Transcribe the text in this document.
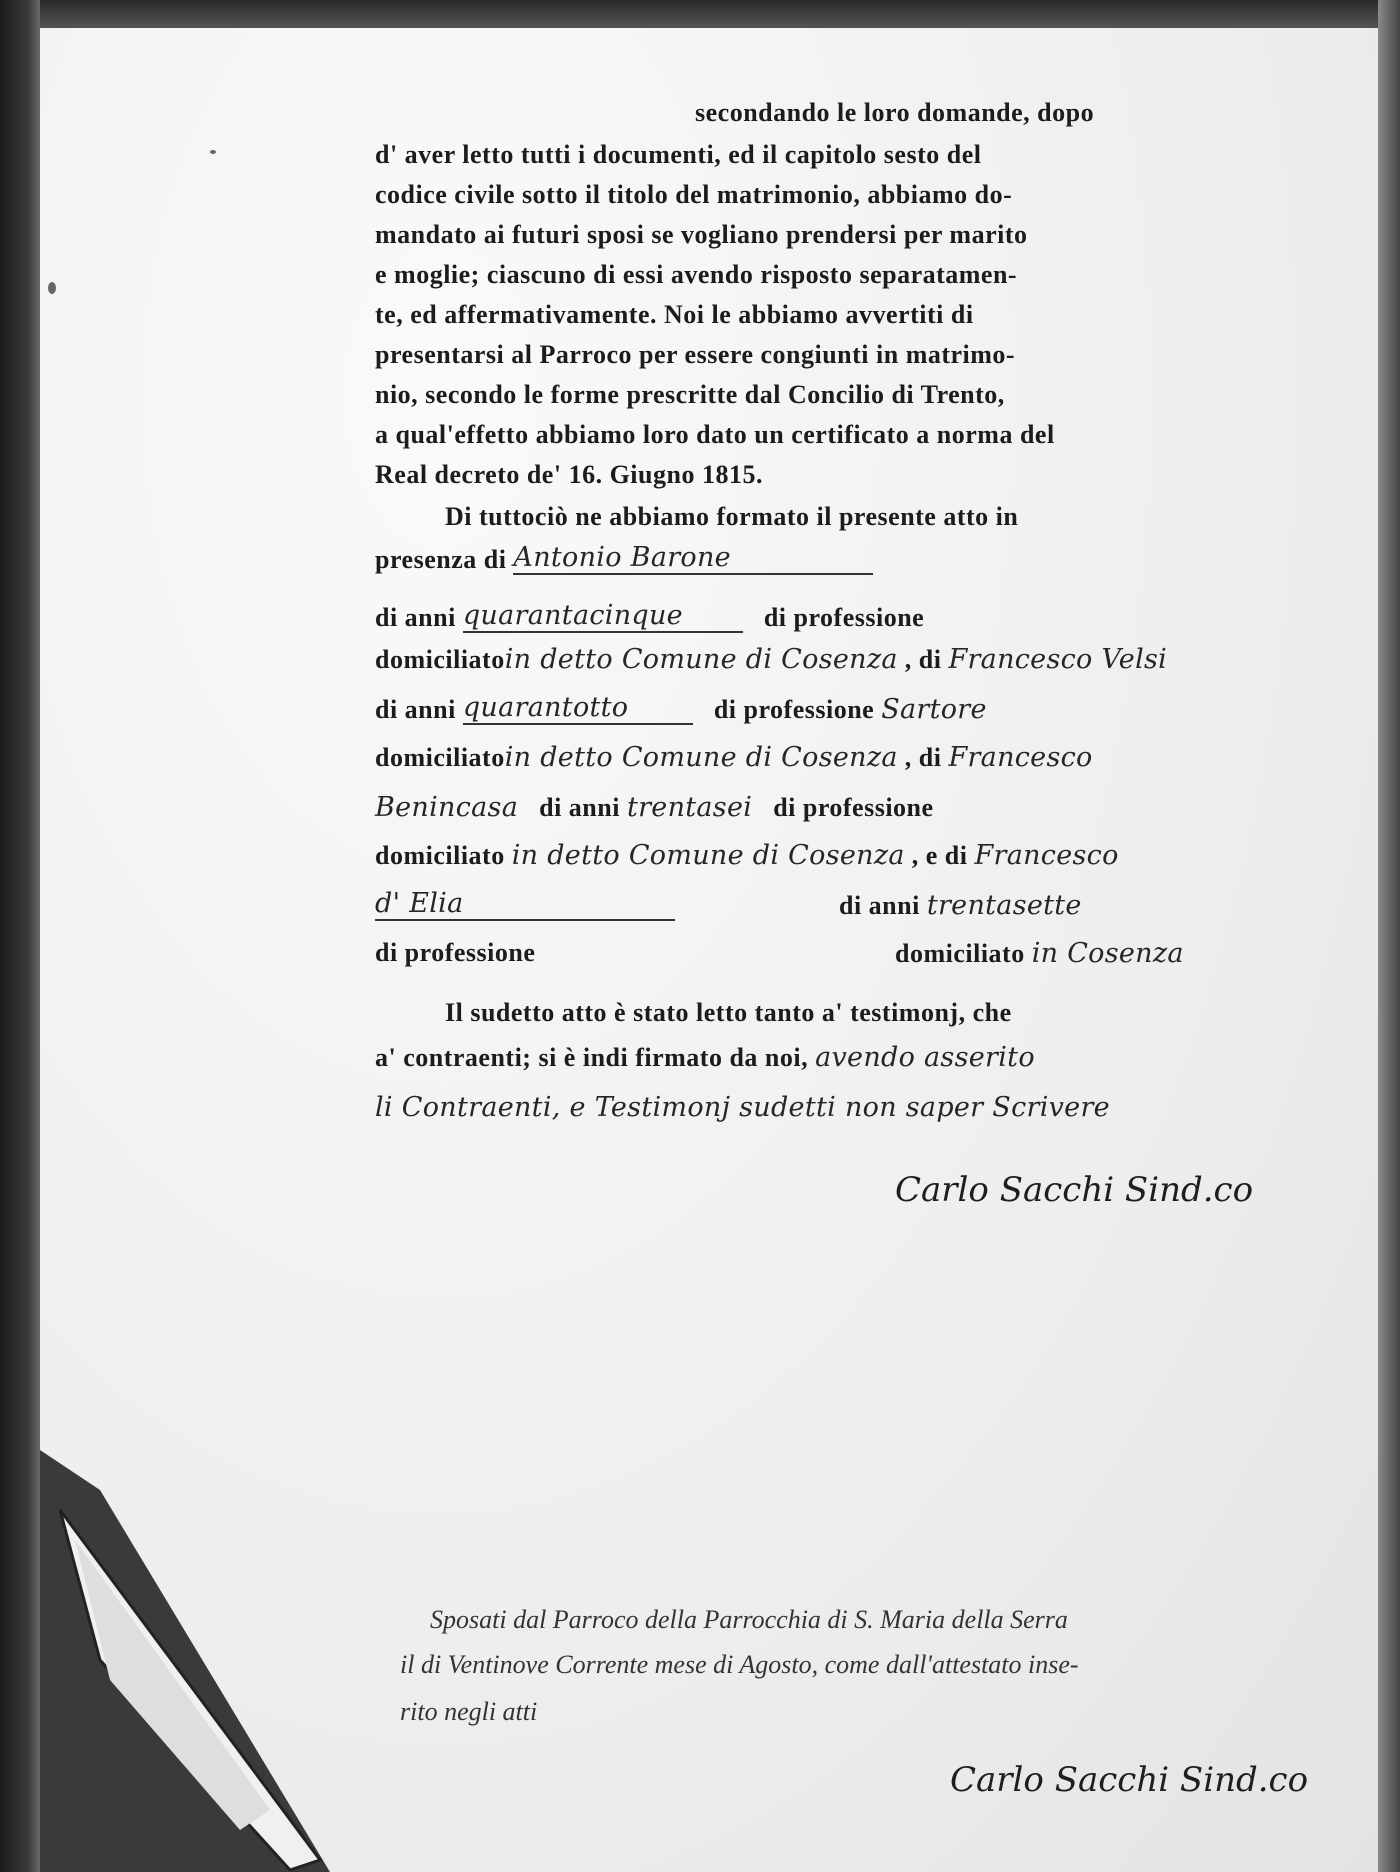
secondando le loro domande, dopo
d' aver letto tutti i documenti, ed il capitolo sesto del
codice civile sotto il titolo del matrimonio, abbiamo do-
mandato ai futuri sposi se vogliano prendersi per marito
e moglie; ciascuno di essi avendo risposto separatamen-
te, ed affermativamente. Noi le abbiamo avvertiti di
presentarsi al Parroco per essere congiunti in matrimo-
nio, secondo le forme prescritte dal Concilio di Trento,
a qual'effetto abbiamo loro dato un certificato a norma del
Real decreto de' 16. Giugno 1815.
Di tuttociò ne abbiamo formato il presente atto in
presenza di Antonio Barone
di anni quarantacinque	di professione
domiciliatoin detto Comune di Cosenza , di Francesco Velsi
di anni quarantotto	di professione Sartore
domiciliatoin detto Comune di Cosenza , di Francesco
Benincasa di anni trentasei di professione
domiciliato in detto Comune di Cosenza , e di Francesco
d' Elia	di anni trentasette
di professione	domiciliato in Cosenza
Il sudetto atto è stato letto tanto a' testimonj, che
a' contraenti; si è indi firmato da noi, avendo asserito
li Contraenti, e Testimonj sudetti non saper Scrivere
Carlo Sacchi Sind.co
Sposati dal Parroco della Parrocchia di S. Maria della Serra
il di Ventinove Corrente mese di Agosto, come dall'attestato inse-
rito negli atti
Carlo Sacchi Sind.co
